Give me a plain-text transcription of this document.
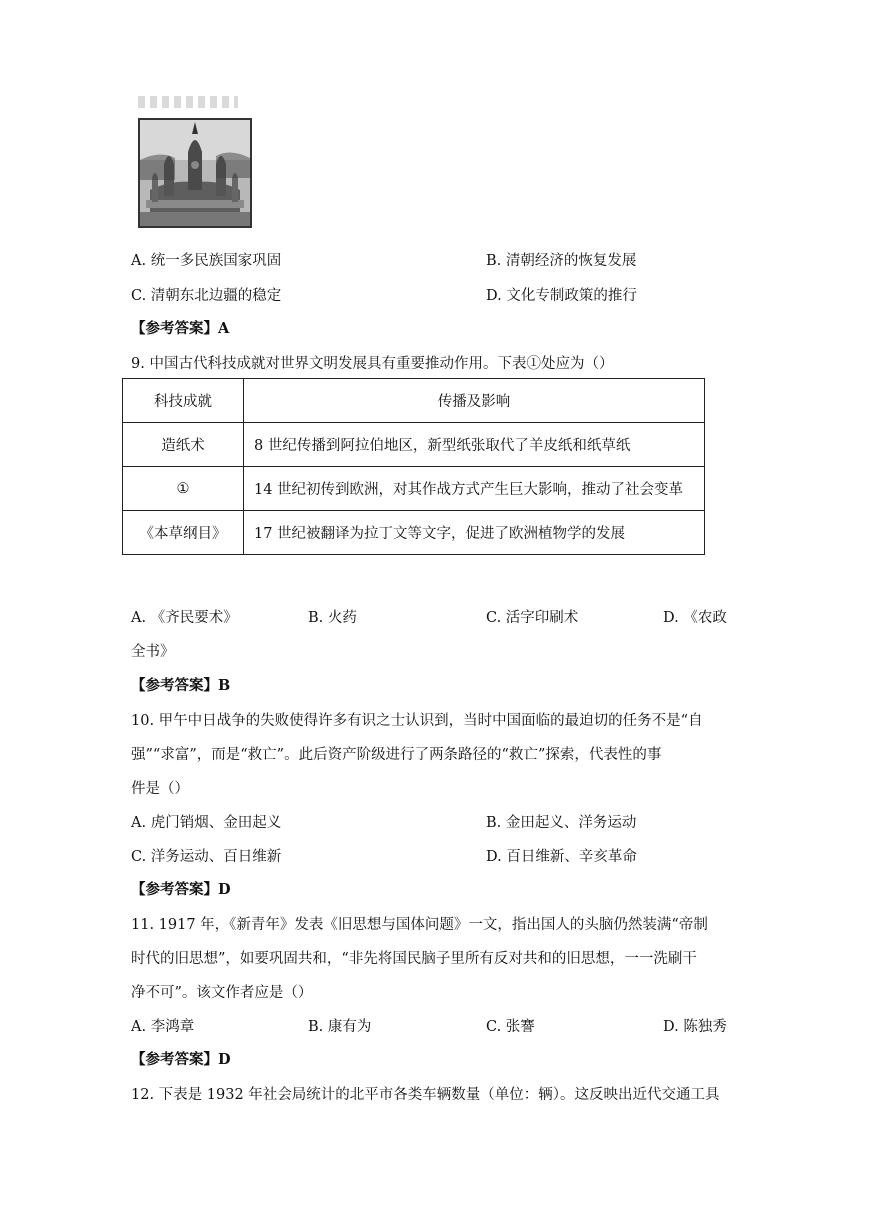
A. 统一多民族国家巩固	B. 清朝经济的恢复发展
C. 清朝东北边疆的稳定	D. 文化专制政策的推行
【参考答案】A
9. 中国古代科技成就对世界文明发展具有重要推动作用。下表①处应为（）
科技成就	传播及影响
造纸术	8 世纪传播到阿拉伯地区，新型纸张取代了羊皮纸和纸草纸
①	14 世纪初传到欧洲，对其作战方式产生巨大影响，推动了社会变革
《本草纲目》	17 世纪被翻译为拉丁文等文字，促进了欧洲植物学的发展
A. 《齐民要术》	B. 火药	C. 活字印刷术	D. 《农政
全书》
【参考答案】B
10. 甲午中日战争的失败使得许多有识之士认识到，当时中国面临的最迫切的任务不是“自
强”“求富”，而是“救亡”。此后资产阶级进行了两条路径的“救亡”探索，代表性的事
件是（）
A. 虎门销烟、金田起义	B. 金田起义、洋务运动
C. 洋务运动、百日维新	D. 百日维新、辛亥革命
【参考答案】D
11. 1917 年，《新青年》发表《旧思想与国体问题》一文，指出国人的头脑仍然装满“帝制
时代的旧思想”，如要巩固共和，“非先将国民脑子里所有反对共和的旧思想，一一洗刷干
净不可”。该文作者应是（）
A. 李鸿章	B. 康有为	C. 张謇	D. 陈独秀
【参考答案】D
12. 下表是 1932 年社会局统计的北平市各类车辆数量（单位：辆）。这反映出近代交通工具
